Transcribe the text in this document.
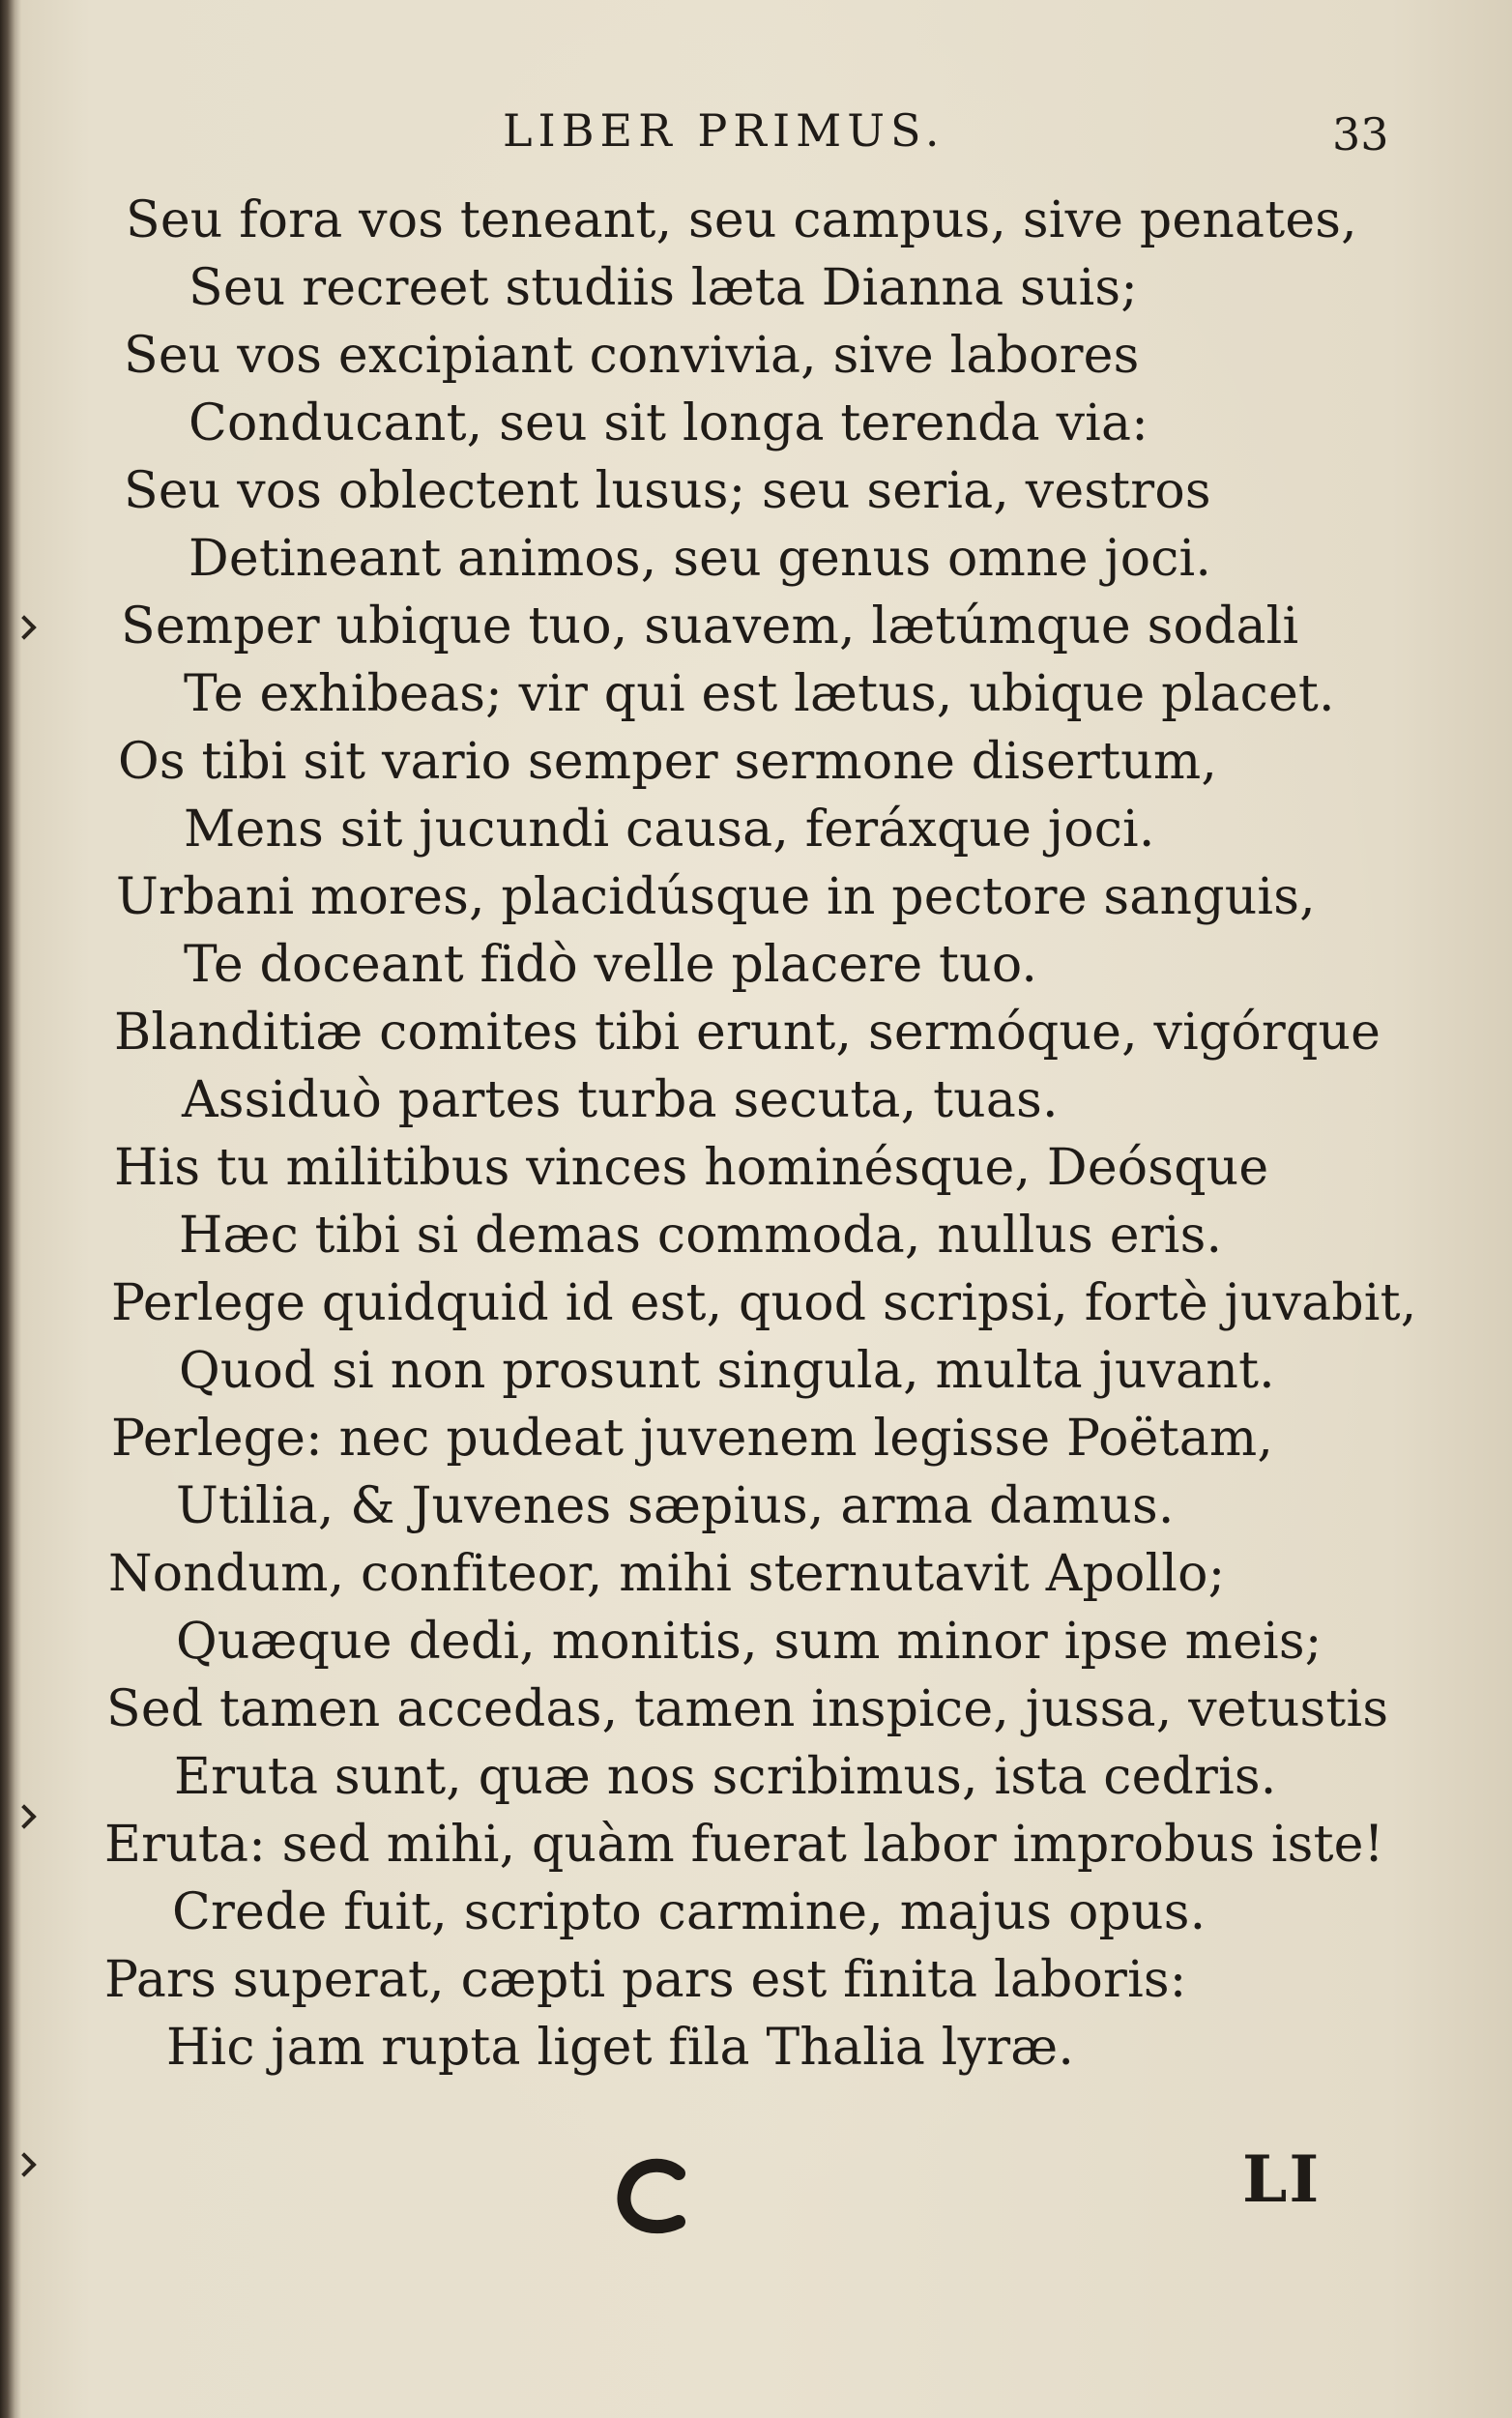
LIBER PRIMUS.	33
Seu fora vos teneant, seu campus, sive penates,
Seu recreet studiis læta Dianna suis;
Seu vos excipiant convivia, sive labores
Conducant, seu sit longa terenda via:
Seu vos oblectent lusus; seu seria, vestros
Detineant animos, seu genus omne joci.
Semper ubique tuo, suavem, lætúmque sodali
Te exhibeas; vir qui est lætus, ubique placet.
Os tibi sit vario semper sermone disertum,
Mens sit jucundi causa, feráxque joci.
Urbani mores, placidúsque in pectore sanguis,
Te doceant fidò velle placere tuo.
Blanditiæ comites tibi erunt, sermóque, vigórque
Assiduò partes turba secuta, tuas.
His tu militibus vinces hominésque, Deósque
Hæc tibi si demas commoda, nullus eris.
Perlege quidquid id est, quod scripsi, fortè juvabit,
Quod si non prosunt singula, multa juvant.
Perlege: nec pudeat juvenem legisse Poëtam,
Utilia, & Juvenes sæpius, arma damus.
Nondum, confiteor, mihi sternutavit Apollo;
Quæque dedi, monitis, sum minor ipse meis;
Sed tamen accedas, tamen inspice, jussa, vetustis
Eruta sunt, quæ nos scribimus, ista cedris.
Eruta: sed mihi, quàm fuerat labor improbus iste!
Crede fuit, scripto carmine, majus opus.
Pars superat, cæpti pars est finita laboris:
Hic jam rupta liget fila Thalia lyræ.
LI
